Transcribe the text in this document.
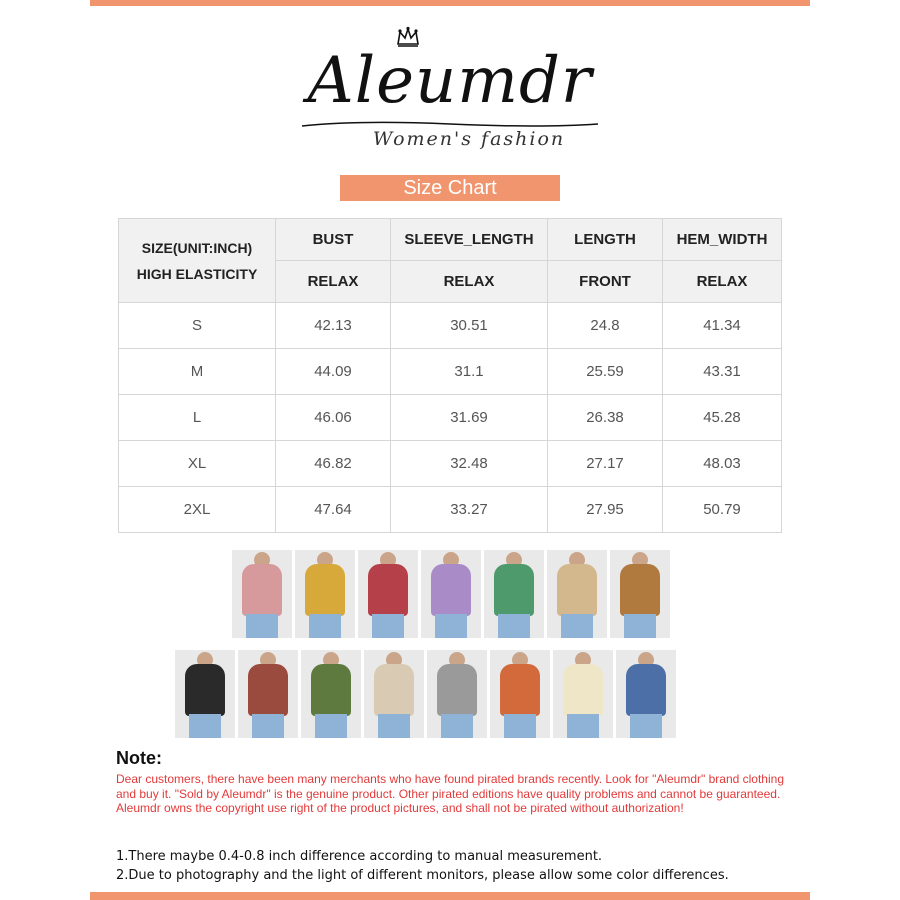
Aleumdr
Women's fashion
Size Chart
SIZE(UNIT:INCH)
HIGH ELASTICITY	BUST	SLEEVE_LENGTH	LENGTH	HEM_WIDTH
	RELAX	RELAX	FRONT	RELAX
S	42.13	30.51	24.8	41.34
M	44.09	31.1	25.59	43.31
L	46.06	31.69	26.38	45.28
XL	46.82	32.48	27.17	48.03
2XL	47.64	33.27	27.95	50.79
Note:
Dear customers, there have been many merchants who have found pirated brands recently. Look for "Aleumdr" brand clothing and buy it. "Sold by Aleumdr" is the genuine product. Other pirated editions have quality problems and cannot be guaranteed.
Aleumdr owns the copyright use right of the product pictures, and shall not be pirated without authorization!
1.There maybe 0.4-0.8 inch difference according to manual measurement.
2.Due to photography and the light of different monitors, please allow some color differences.
